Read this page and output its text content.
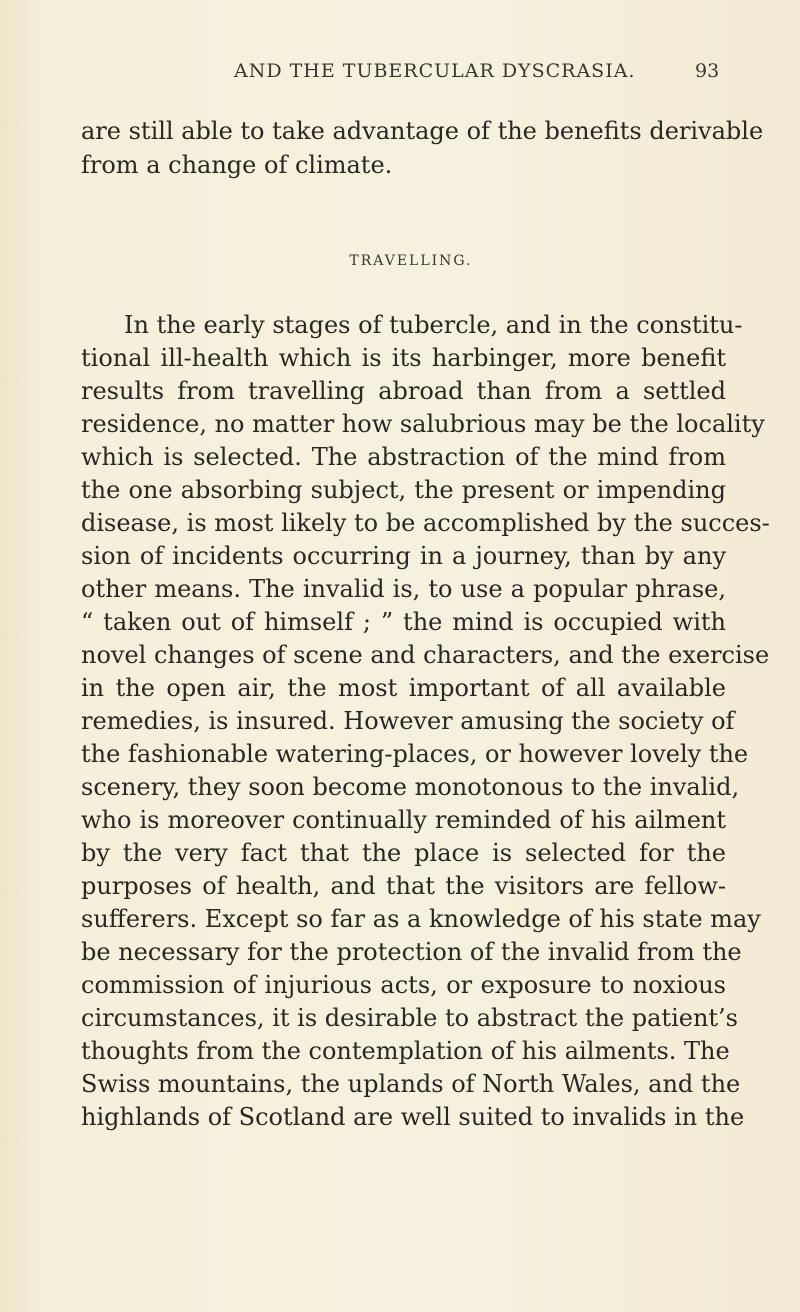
AND THE TUBERCULAR DYSCRASIA.	93
are still able to take advantage of the benefits derivable
from a change of climate.
TRAVELLING.
In the early stages of tubercle, and in the constitu-
tional ill-health which is its harbinger, more benefit
results from travelling abroad than from a settled
residence, no matter how salubrious may be the locality
which is selected. The abstraction of the mind from
the one absorbing subject, the present or impending
disease, is most likely to be accomplished by the succes-
sion of incidents occurring in a journey, than by any
other means. The invalid is, to use a popular phrase,
“ taken out of himself ; ” the mind is occupied with
novel changes of scene and characters, and the exercise
in the open air, the most important of all available
remedies, is insured. However amusing the society of
the fashionable watering-places, or however lovely the
scenery, they soon become monotonous to the invalid,
who is moreover continually reminded of his ailment
by the very fact that the place is selected for the
purposes of health, and that the visitors are fellow-
sufferers. Except so far as a knowledge of his state may
be necessary for the protection of the invalid from the
commission of injurious acts, or exposure to noxious
circumstances, it is desirable to abstract the patient’s
thoughts from the contemplation of his ailments. The
Swiss mountains, the uplands of North Wales, and the
highlands of Scotland are well suited to invalids in the
